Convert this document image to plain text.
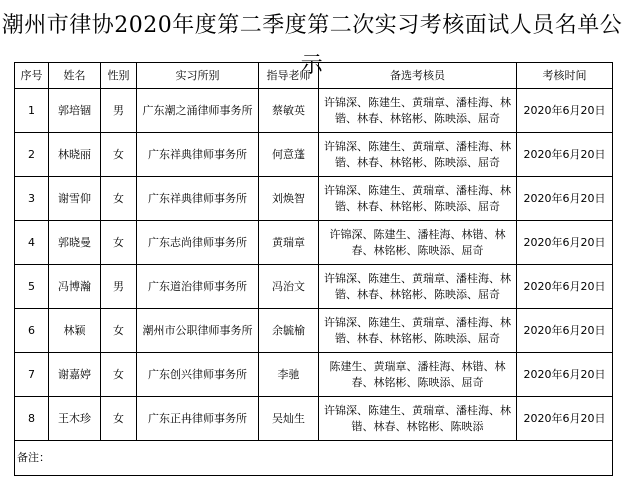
潮州市律协2020年度第二季度第二次实习考核面试人员名单公示
序号	姓名	性别	实习所别	指导老师	备选考核员	考核时间
1	郭培锢	男	广东潮之涌律师事务所	蔡敏英	许锦深、陈建生、黄瑞章、潘桂海、林锴、林春、林铭彬、陈映添、屈奇	2020年6月20日
2	林晓丽	女	广东祥典律师事务所	何意蓬	许锦深、陈建生、黄瑞章、潘桂海、林锴、林春、林铭彬、陈映添、屈奇	2020年6月20日
3	谢雪仰	女	广东祥典律师事务所	刘焕智	许锦深、陈建生、黄瑞章、潘桂海、林锴、林春、林铭彬、陈映添、屈奇	2020年6月20日
4	郭晓曼	女	广东志尚律师事务所	黄瑞章	许锦深、陈建生、潘桂海、林锴、林春、林铭彬、陈映添、屈奇	2020年6月20日
5	冯博瀚	男	广东道治律师事务所	冯治文	许锦深、陈建生、黄瑞章、潘桂海、林锴、林春、林铭彬、陈映添、屈奇	2020年6月20日
6	林颖	女	潮州市公职律师事务所	余毓榆	许锦深、陈建生、黄瑞章、潘桂海、林锴、林春、林铭彬、陈映添、屈奇	2020年6月20日
7	谢嘉婷	女	广东创兴律师事务所	李驰	陈建生、黄瑞章、潘桂海、林锴、林春、林铭彬、陈映添、屈奇	2020年6月20日
8	王木珍	女	广东正冉律师事务所	吴灿生	许锦深、陈建生、黄瑞章、潘桂海、林锴、林春、林铭彬、陈映添	2020年6月20日
备注：						
